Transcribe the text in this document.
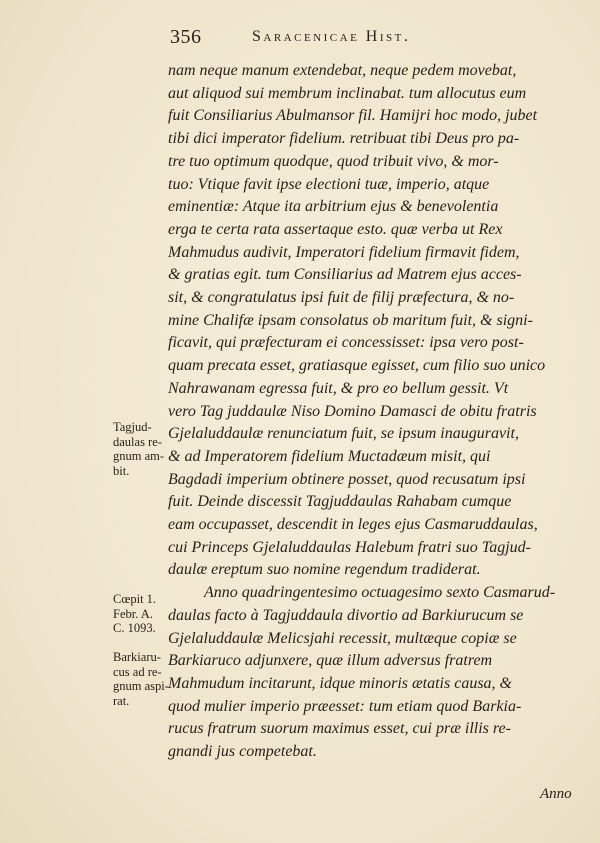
356	Saracenicae Hist.
nam neque manum extendebat, neque pedem movebat,
aut aliquod sui membrum inclinabat. tum allocutus eum
fuit Consiliarius Abulmansor fil. Hamijri hoc modo, jubet
tibi dici imperator fidelium. retribuat tibi Deus pro pa-
tre tuo optimum quodque, quod tribuit vivo, & mor-
tuo: Vtique favit ipse electioni tuæ, imperio, atque
eminentiæ: Atque ita arbitrium ejus & benevolentia
erga te certa rata assertaque esto. quæ verba ut Rex
Mahmudus audivit, Imperatori fidelium firmavit fidem,
& gratias egit. tum Consiliarius ad Matrem ejus acces-
sit, & congratulatus ipsi fuit de filij præfectura, & no-
mine Chalifæ ipsam consolatus ob maritum fuit, & signi-
ficavit, qui præfecturam ei concessisset: ipsa vero post-
quam precata esset, gratiasque egisset, cum filio suo unico
Nahrawanam egressa fuit, & pro eo bellum gessit. Vt
vero Tag juddaulæ Niso Domino Damasci de obitu fratris
Gjelaluddaulæ renunciatum fuit, se ipsum inauguravit,
& ad Imperatorem fidelium Muctadæum misit, qui
Bagdadi imperium obtinere posset, quod recusatum ipsi
fuit. Deinde discessit Tagjuddaulas Rahabam cumque
eam occupasset, descendit in leges ejus Casmaruddaulas,
cui Princeps Gjelaluddaulas Halebum fratri suo Tagjud-
daulæ ereptum suo nomine regendum tradiderat.
Anno quadringentesimo octuagesimo sexto Casmarud-
daulas facto à Tagjuddaula divortio ad Barkiurucum se
Gjelaluddaulæ Melicsjahi recessit, multæque copiæ se
Barkiaruco adjunxere, quæ illum adversus fratrem
Mahmudum incitarunt, idque minoris ætatis causa, &
quod mulier imperio præesset: tum etiam quod Barkia-
rucus fratrum suorum maximus esset, cui præ illis re-
gnandi jus competebat.
Tagjud-
daulas re-
gnum am-
bit.
Cœpit 1.
Febr. A.
C. 1093.
Barkiaru-
cus ad re-
gnum aspi-
rat.
Anno
